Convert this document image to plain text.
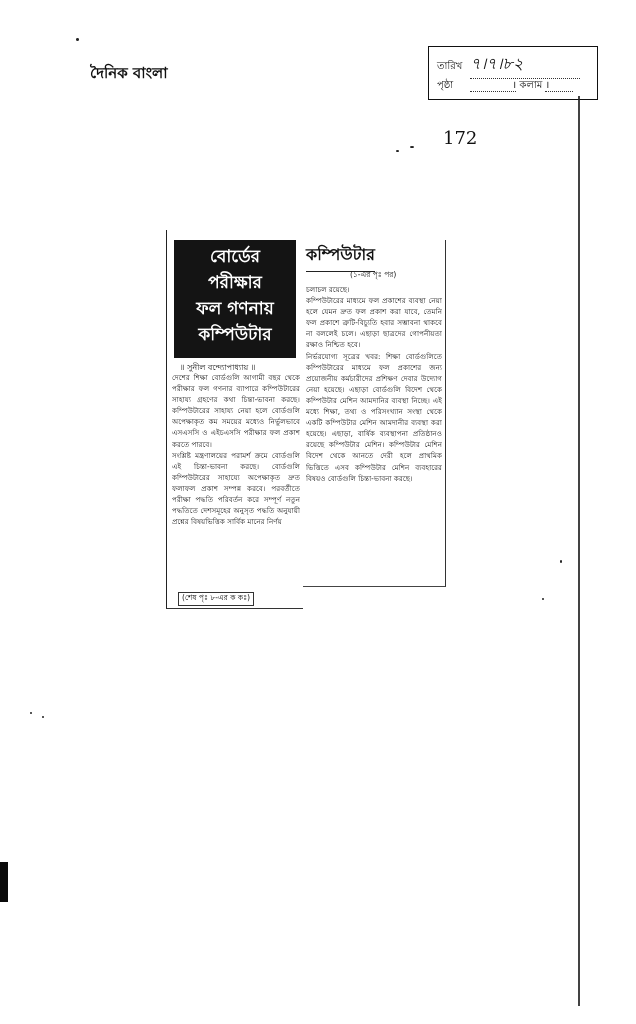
দৈনিক বাংলা	তারিখ ৭।৭।৮২
পৃষ্ঠা	। কলাম ।
172
বোর্ডের
পরীক্ষার
ফল গণনায়
কম্পিউটার
॥ সুনীল বন্দ্যোপাধ্যায় ॥

দেশের শিক্ষা বোর্ডগুলি আগামী বছর থেকে পরীক্ষার ফল গণনার ব্যাপারে কম্পিউটারের সাহায্য গ্রহণের কথা চিন্তা-ভাবনা করছে। কম্পিউটারের সাহায্য নেয়া হলে বোর্ডগুলি অপেক্ষাকৃত কম সময়ের মধ্যেও নির্ভুলভাবে এসএসসি ও এইচএসসি পরীক্ষার ফল প্রকাশ করতে পারবে।

সংশ্লিষ্ট মন্ত্রণালয়ের পরামর্শ ক্রমে বোর্ডগুলি এই চিন্তা-ভাবনা করছে। বোর্ডগুলি কম্পিউটারের সাহায্যে অপেক্ষাকৃত দ্রুত ফলাফল প্রকাশ সম্পন্ন করবে। পরবর্তীতে পরীক্ষা পদ্ধতি পরিবর্তন করে সম্পূর্ণ নতুন পদ্ধতিতে দেশসমূহের অনুসৃত পদ্ধতি অনুযায়ী প্রশ্নের বিষয়ভিত্তিক সার্বিক মানের নির্ণয়

(শেষ পৃঃ ৮-এর ক কঃ)
কম্পিউটার
(১-এর পৃঃ পর)

চলাচল রয়েছে।

কম্পিউটারের মাধ্যমে ফল প্রকাশের ব্যবস্থা নেয়া হলে যেমন দ্রুত ফল প্রকাশ করা যাবে, তেমনি ফল প্রকাশে ত্রুটি-বিচ্যুতি হবার সম্ভাবনা থাকবে না বললেই চলে। এছাড়া ছাত্রদের গোপনীয়তা রক্ষাও নিশ্চিত হবে।

নির্ভরযোগ্য সূত্রের খবর: শিক্ষা বোর্ডগুলিতে কম্পিউটারের মাধ্যমে ফল প্রকাশের জন্য প্রয়োজনীয় কর্মচারীদের প্রশিক্ষণ দেবার উদ্যোগ নেয়া হয়েছে। এছাড়া বোর্ডগুলি বিদেশ থেকে কম্পিউটার মেশিন আমদানির ব্যবস্থা নিচ্ছে। এই মধ্যে শিক্ষা, তথ্য ও পরিসংখ্যান সংস্থা থেকে একটি কম্পিউটার মেশিন আমদানীর ব্যবস্থা করা হয়েছে। এছাড়া, বার্ষিক ব্যবস্থাপনা প্রতিষ্ঠানও রয়েছে কম্পিউটার মেশিন। কম্পিউটার মেশিন বিদেশ থেকে আনতে দেরী হলে প্রাথমিক ভিত্তিতে এসব কম্পিউটার মেশিন ব্যবহারের বিষয়ও বোর্ডগুলি চিন্তা-ভাবনা করছে।
